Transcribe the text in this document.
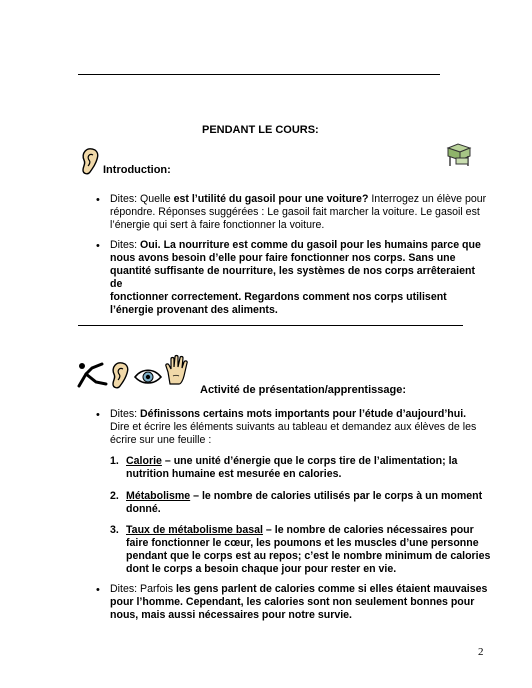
PENDANT LE COURS:
Introduction:
• Dites: Quelle est l’utilité du gasoil pour une voiture? Interrogez un élève pour
répondre. Réponses suggérées : Le gasoil fait marcher la voiture. Le gasoil est
l’énergie qui sert à faire fonctionner la voiture.
• Dites: Oui. La nourriture est comme du gasoil pour les humains parce que
nous avons besoin d’elle pour faire fonctionner nos corps. Sans une
quantité suffisante de nourriture, les systèmes de nos corps arrêteraient de
fonctionner correctement. Regardons comment nos corps utilisent
l’énergie provenant des aliments.
Activité de présentation/apprentissage:
• Dites: Définissons certains mots importants pour l’étude d’aujourd’hui.
Dire et écrire les éléments suivants au tableau et demandez aux élèves de les
écrire sur une feuille :
1. Calorie – une unité d’énergie que le corps tire de l’alimentation; la
nutrition humaine est mesurée en calories.
2. Métabolisme – le nombre de calories utilisés par le corps à un moment
donné.
3. Taux de métabolisme basal – le nombre de calories nécessaires pour
faire fonctionner le cœur, les poumons et les muscles d’une personne
pendant que le corps est au repos; c’est le nombre minimum de calories
dont le corps a besoin chaque jour pour rester en vie.
• Dites: Parfois les gens parlent de calories comme si elles étaient mauvaises
pour l’homme. Cependant, les calories sont non seulement bonnes pour
nous, mais aussi nécessaires pour notre survie.
2
